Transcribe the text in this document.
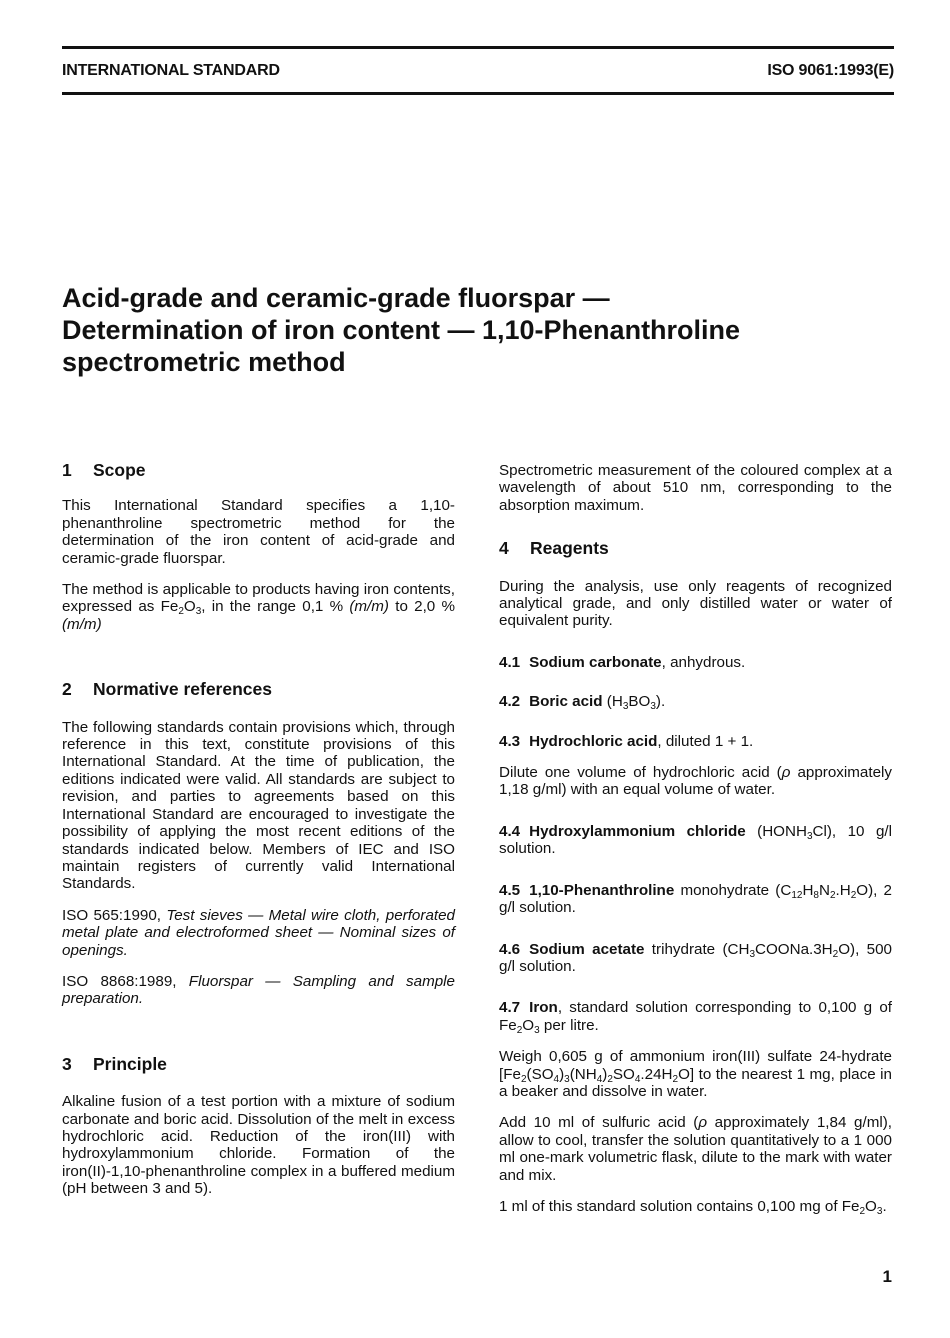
INTERNATIONAL STANDARD	ISO 9061:1993(E)
Acid-grade and ceramic-grade fluorspar —
Determination of iron content — 1,10-Phenanthroline
spectrometric method
1 Scope

This International Standard specifies a 1,10-phenanthroline spectrometric method for the determination of the iron content of acid-grade and ceramic-grade fluorspar.

The method is applicable to products having iron contents, expressed as $Fe_2O_3$, in the range 0,1 % (m/m) to 2,0 % (m/m)

2 Normative references

The following standards contain provisions which, through reference in this text, constitute provisions of this International Standard. At the time of publication, the editions indicated were valid. All standards are subject to revision, and parties to agreements based on this International Standard are encouraged to investigate the possibility of applying the most recent editions of the standards indicated below. Members of IEC and ISO maintain registers of currently valid International Standards.

ISO 565:1990, Test sieves — Metal wire cloth, perforated metal plate and electroformed sheet — Nominal sizes of openings.

ISO 8868:1989, Fluorspar — Sampling and sample preparation.

3 Principle

Alkaline fusion of a test portion with a mixture of sodium carbonate and boric acid. Dissolution of the melt in excess hydrochloric acid. Reduction of the iron(III) with hydroxylammonium chloride. Formation of the iron(II)-1,10-phenanthroline complex in a buffered medium (pH between 3 and 5).

Spectrometric measurement of the coloured complex at a wavelength of about 510 nm, corresponding to the absorption maximum.

4 Reagents

During the analysis, use only reagents of recognized analytical grade, and only distilled water or water of equivalent purity.

4.1 Sodium carbonate, anhydrous.

4.2 Boric acid $(H_3BO_3)$.

4.3 Hydrochloric acid, diluted 1 + 1.

Dilute one volume of hydrochloric acid (ρ approximately 1,18 g/ml) with an equal volume of water.

4.4 Hydroxylammonium chloride $(HONH_3Cl)$, 10 g/l solution.

4.5 1,10-Phenanthroline monohydrate $(C_{12}H_8N_2.H_2O)$, 2 g/l solution.

4.6 Sodium acetate trihydrate $(CH_3COONa.3H_2O)$, 500 g/l solution.

4.7 Iron, standard solution corresponding to 0,100 g of $Fe_2O_3$ per litre.

Weigh 0,605 g of ammonium iron(III) sulfate 24-hydrate $[Fe_2(SO_4)_3(NH_4)_2SO_4.24H_2O]$ to the nearest 1 mg, place in a beaker and dissolve in water.

Add 10 ml of sulfuric acid (ρ approximately 1,84 g/ml), allow to cool, transfer the solution quantitatively to a 1 000 ml one-mark volumetric flask, dilute to the mark with water and mix.

1 ml of this standard solution contains 0,100 mg of $Fe_2O_3$.

1
